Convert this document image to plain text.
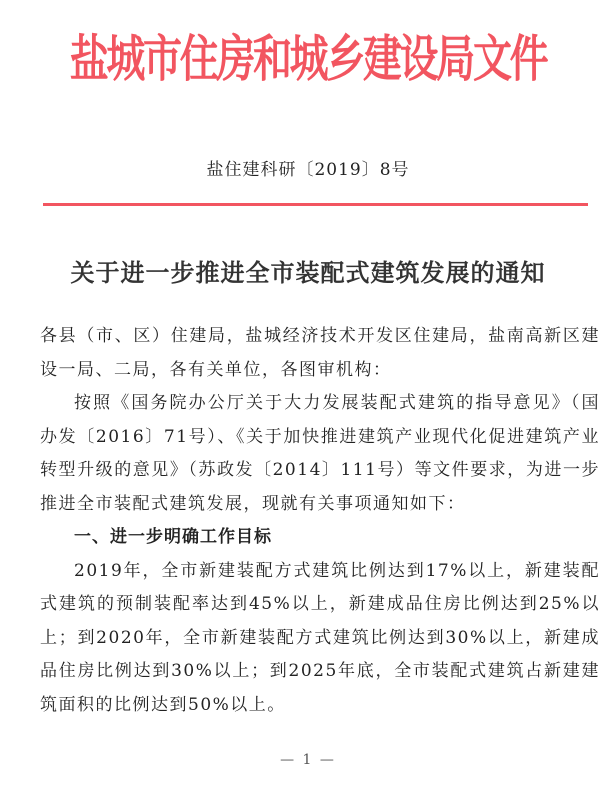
盐城市住房和城乡建设局文件
盐住建科研〔2019〕8号
关于进一步推进全市装配式建筑发展的通知

各县（市、区）住建局，盐城经济技术开发区住建局，盐南高新区建设一局、二局，各有关单位，各图审机构：

按照《国务院办公厅关于大力发展装配式建筑的指导意见》（国办发〔2016〕71号）、《关于加快推进建筑产业现代化促进建筑产业转型升级的意见》（苏政发〔2014〕111号）等文件要求，为进一步推进全市装配式建筑发展，现就有关事项通知如下：

一、进一步明确工作目标

2019年，全市新建装配方式建筑比例达到17%以上，新建装配式建筑的预制装配率达到45%以上，新建成品住房比例达到25%以上；到2020年，全市新建装配方式建筑比例达到30%以上，新建成品住房比例达到30%以上；到2025年底，全市装配式建筑占新建建筑面积的比例达到50%以上。

— 1 —
